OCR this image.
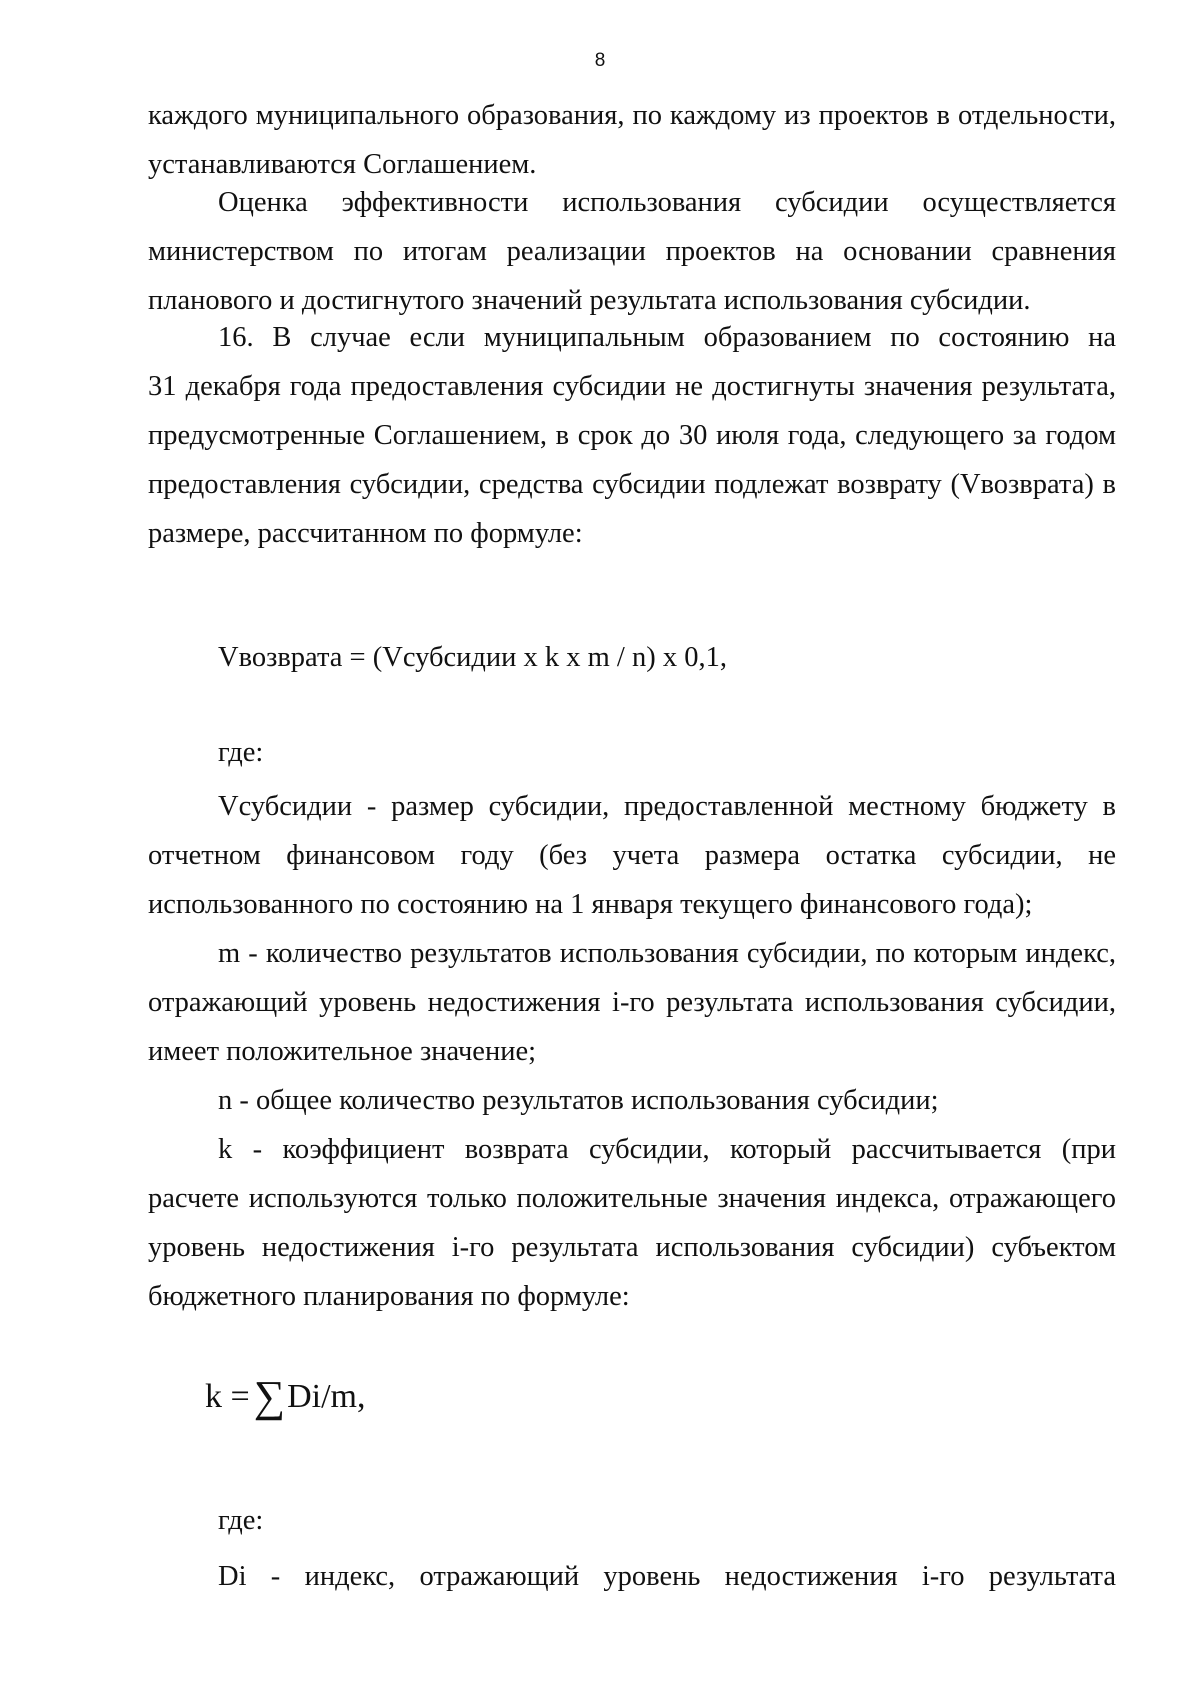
8
каждого муниципального образования, по каждому из проектов в отдельности,
устанавливаются Соглашением.
Оценка эффективности использования субсидии осуществляется
министерством по итогам реализации проектов на основании сравнения
планового и достигнутого значений результата использования субсидии.
16. В случае если муниципальным образованием по состоянию на
31 декабря года предоставления субсидии не достигнуты значения результата,
предусмотренные Соглашением, в срок до 30 июля года, следующего за годом
предоставления субсидии, средства субсидии подлежат возврату (Vвозврата) в
размере, рассчитанном по формуле:
Vвозврата = (Vсубсидии x k x m / n) x 0,1,
где:
Vсубсидии - размер субсидии, предоставленной местному бюджету в
отчетном финансовом году (без учета размера остатка субсидии, не
использованного по состоянию на 1 января текущего финансового года);
m - количество результатов использования субсидии, по которым индекс,
отражающий уровень недостижения i-го результата использования субсидии,
имеет положительное значение;
n - общее количество результатов использования субсидии;
k - коэффициент возврата субсидии, который рассчитывается (при
расчете используются только положительные значения индекса, отражающего
уровень недостижения i-го результата использования субсидии) субъектом
бюджетного планирования по формуле:
k =∑Di/m,
где:
Di - индекс, отражающий уровень недостижения i-го результата
